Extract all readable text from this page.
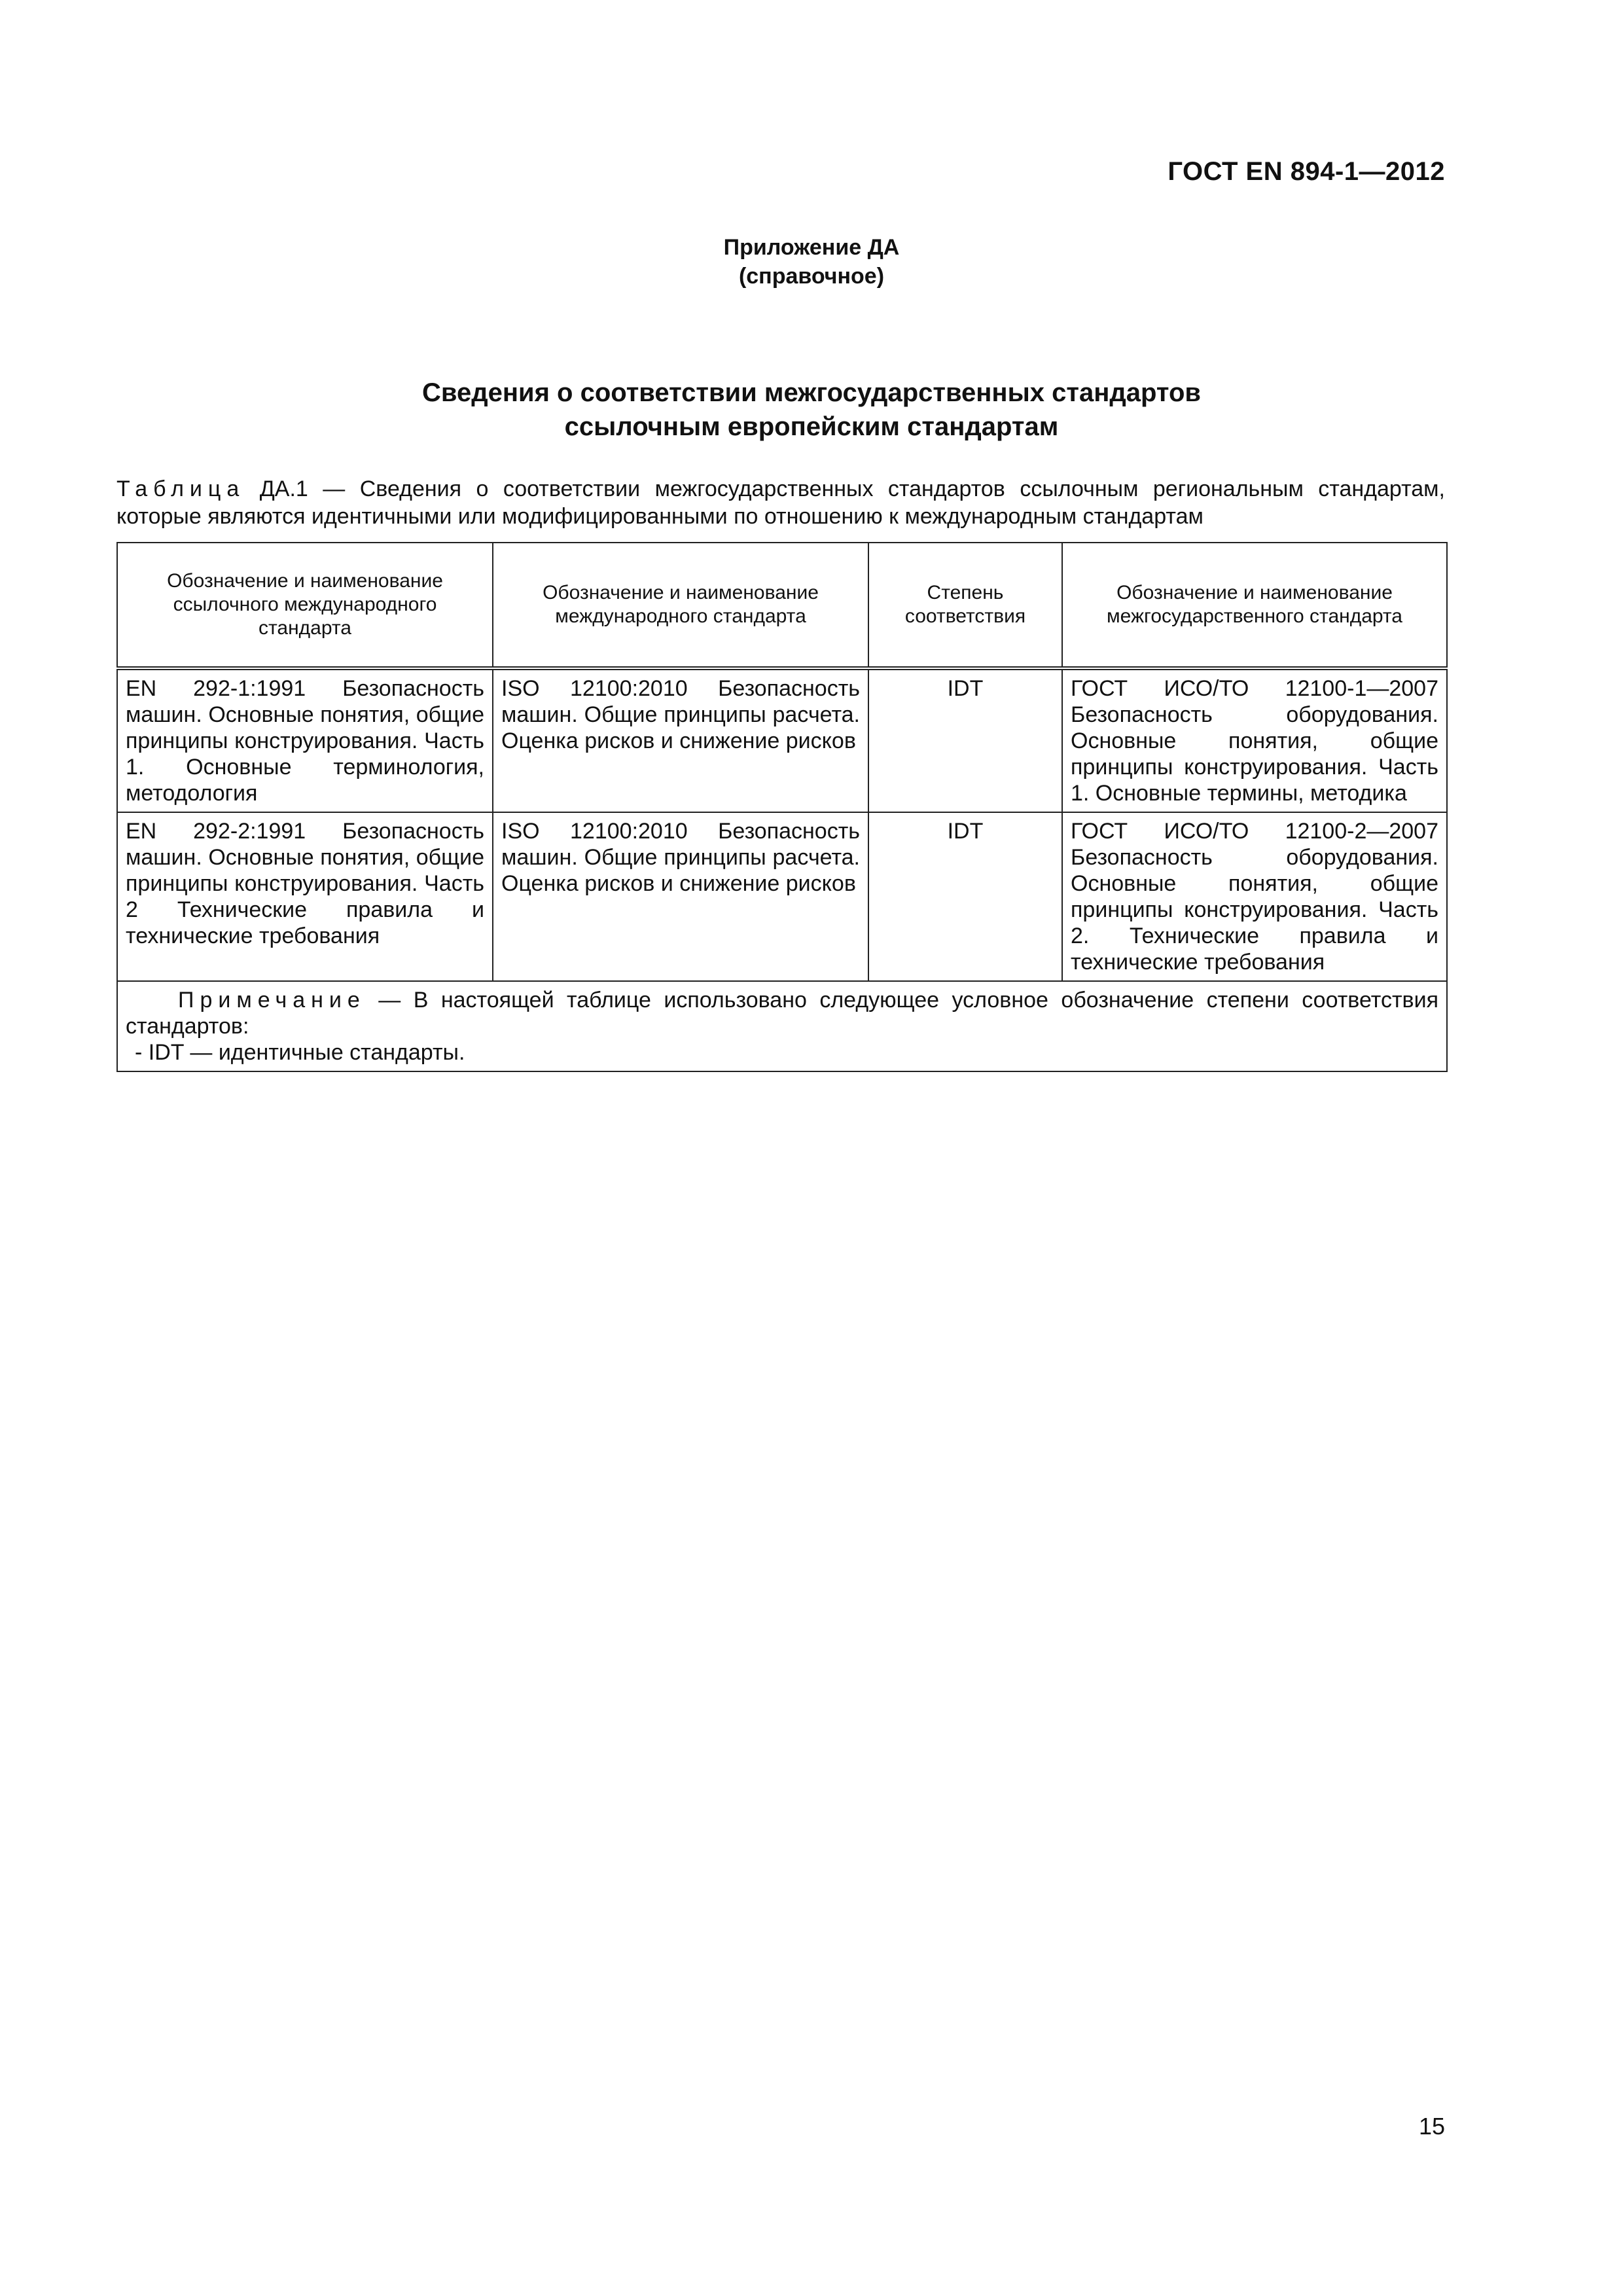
ГОСТ EN 894-1—2012
Приложение ДА
(справочное)
Сведения о соответствии межгосударственных стандартов
ссылочным европейским стандартам
Таблица ДА.1 — Сведения о соответствии межгосударственных стандартов ссылочным региональным стандартам, которые являются идентичными или модифицированными по отношению к международным стандартам
Обозначение и наименование ссылочного международного стандарта	Обозначение и наименование международного стандарта	Степень соответствия	Обозначение и наименование межгосударственного стандарта
EN 292-1:1991 Безопасность машин. Основные понятия, общие принципы конструирования. Часть 1. Основные терминология, методология	ISO 12100:2010 Безопасность машин. Общие принципы расчета. Оценка рисков и снижение рисков	IDT	ГОСТ ИСО/ТО 12100-1—2007 Безопасность оборудования. Основные понятия, общие принципы конструирования. Часть 1. Основные термины, методика
EN 292-2:1991 Безопасность машин. Основные понятия, общие принципы конструирования. Часть 2 Технические правила и технические требования	ISO 12100:2010 Безопасность машин. Общие принципы расчета. Оценка рисков и снижение рисков	IDT	ГОСТ ИСО/ТО 12100-2—2007 Безопасность оборудования. Основные понятия, общие принципы конструирования. Часть 2. Технические правила и технические требования

Примечание — В настоящей таблице использовано следующее условное обозначение степени соответствия стандартов:
- IDT — идентичные стандарты.			
15
